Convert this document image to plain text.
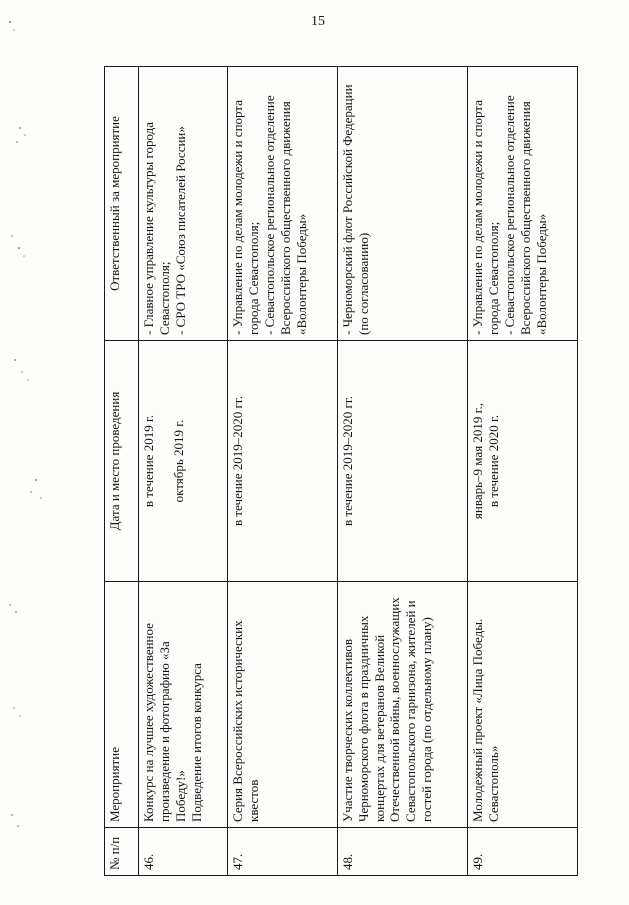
15
№ п/п	Мероприятие	Дата и место проведения	Ответственный за мероприятие
46.	Конкурс на лучшее художественное произведение и фотографию «За Победу!» Подведение итогов конкурса	в течение 2019 г. октябрь 2019 г.	- Главное управление культуры города Севастополя; - СРО ТРО «Союз писателей России»

47.	Серия Всероссийских исторических квестов	в течение 2019–2020 гг.	- Управление по делам молодежи и спорта города Севастополя; - Севастопольское региональное отделение Всероссийского общественного движения «Волонтеры Победы»

48.	Участие творческих коллективов Черноморского флота в праздничных концертах для ветеранов Великой Отечественной войны, военнослужащих Севастопольского гарнизона, жителей и гостей города (по отдельному плану)	в течение 2019–2020 гг.	- Черноморский флот Российской Федерации (по согласованию)

49.	Молодежный проект «Лица Победы. Севастополь»	январь–9 мая 2019 г., в течение 2020 г.	- Управление по делам молодежи и спорта города Севастополя; - Севастопольское региональное отделение Всероссийского общественного движения «Волонтеры Победы»
